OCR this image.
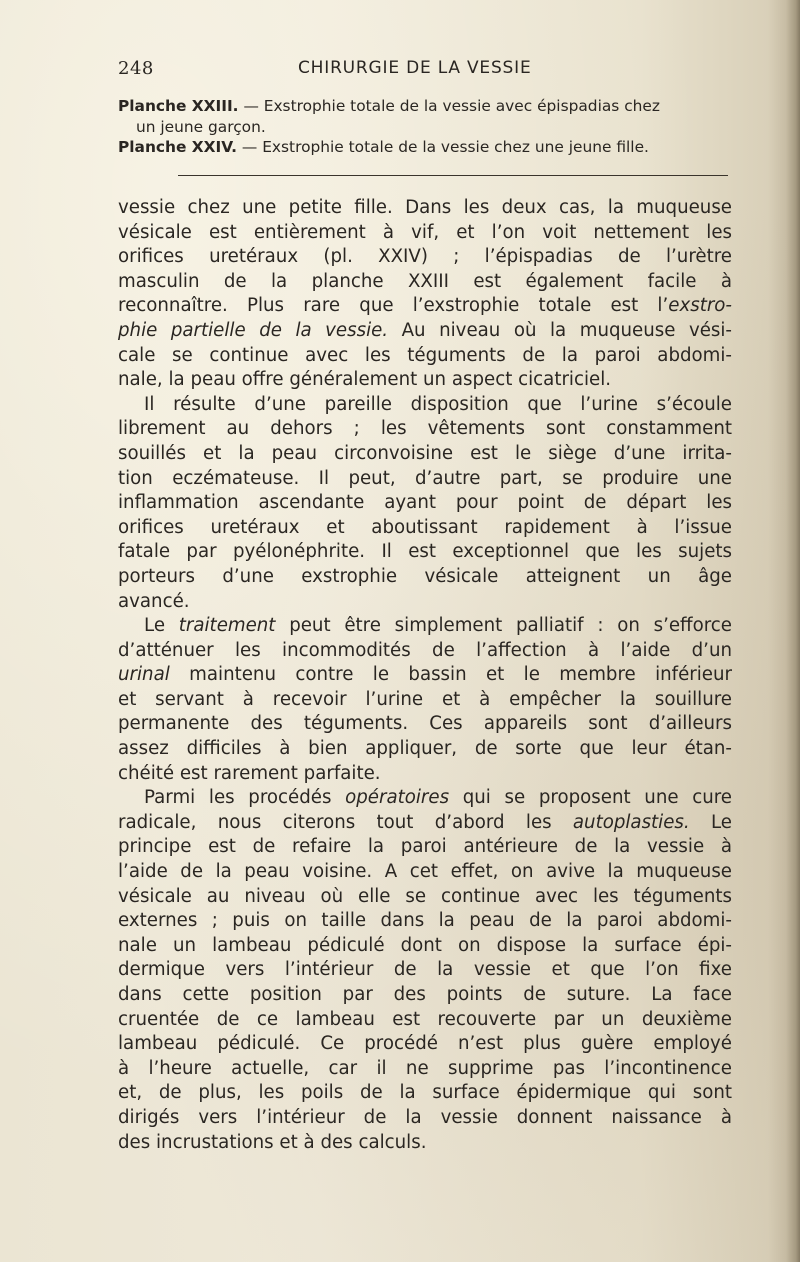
248	CHIRURGIE DE LA VESSIE

Planche XXIII. — Exstrophie totale de la vessie avec épispadias chez
un jeune garçon.

Planche XXIV. — Exstrophie totale de la vessie chez une jeune fille.

vessie chez une petite fille. Dans les deux cas, la muqueuse
vésicale est entièrement à vif, et l’on voit nettement les
orifices uretéraux (pl. XXIV) ; l’épispadias de l’urètre
masculin de la planche XXIII est également facile à
reconnaître. Plus rare que l’exstrophie totale est l’exstro-
phie partielle de la vessie. Au niveau où la muqueuse vési-
cale se continue avec les téguments de la paroi abdomi-
nale, la peau offre généralement un aspect cicatriciel.
Il résulte d’une pareille disposition que l’urine s’écoule
librement au dehors ; les vêtements sont constamment
souillés et la peau circonvoisine est le siège d’une irrita-
tion eczémateuse. Il peut, d’autre part, se produire une
inflammation ascendante ayant pour point de départ les
orifices uretéraux et aboutissant rapidement à l’issue
fatale par pyélonéphrite. Il est exceptionnel que les sujets
porteurs d’une exstrophie vésicale atteignent un âge
avancé.
Le traitement peut être simplement palliatif : on s’efforce
d’atténuer les incommodités de l’affection à l’aide d’un
urinal maintenu contre le bassin et le membre inférieur
et servant à recevoir l’urine et à empêcher la souillure
permanente des téguments. Ces appareils sont d’ailleurs
assez difficiles à bien appliquer, de sorte que leur étan-
chéité est rarement parfaite.
Parmi les procédés opératoires qui se proposent une cure
radicale, nous citerons tout d’abord les autoplasties. Le
principe est de refaire la paroi antérieure de la vessie à
l’aide de la peau voisine. A cet effet, on avive la muqueuse
vésicale au niveau où elle se continue avec les téguments
externes ; puis on taille dans la peau de la paroi abdomi-
nale un lambeau pédiculé dont on dispose la surface épi-
dermique vers l’intérieur de la vessie et que l’on fixe
dans cette position par des points de suture. La face
cruentée de ce lambeau est recouverte par un deuxième
lambeau pédiculé. Ce procédé n’est plus guère employé
à l’heure actuelle, car il ne supprime pas l’incontinence
et, de plus, les poils de la surface épidermique qui sont
dirigés vers l’intérieur de la vessie donnent naissance à
des incrustations et à des calculs.
